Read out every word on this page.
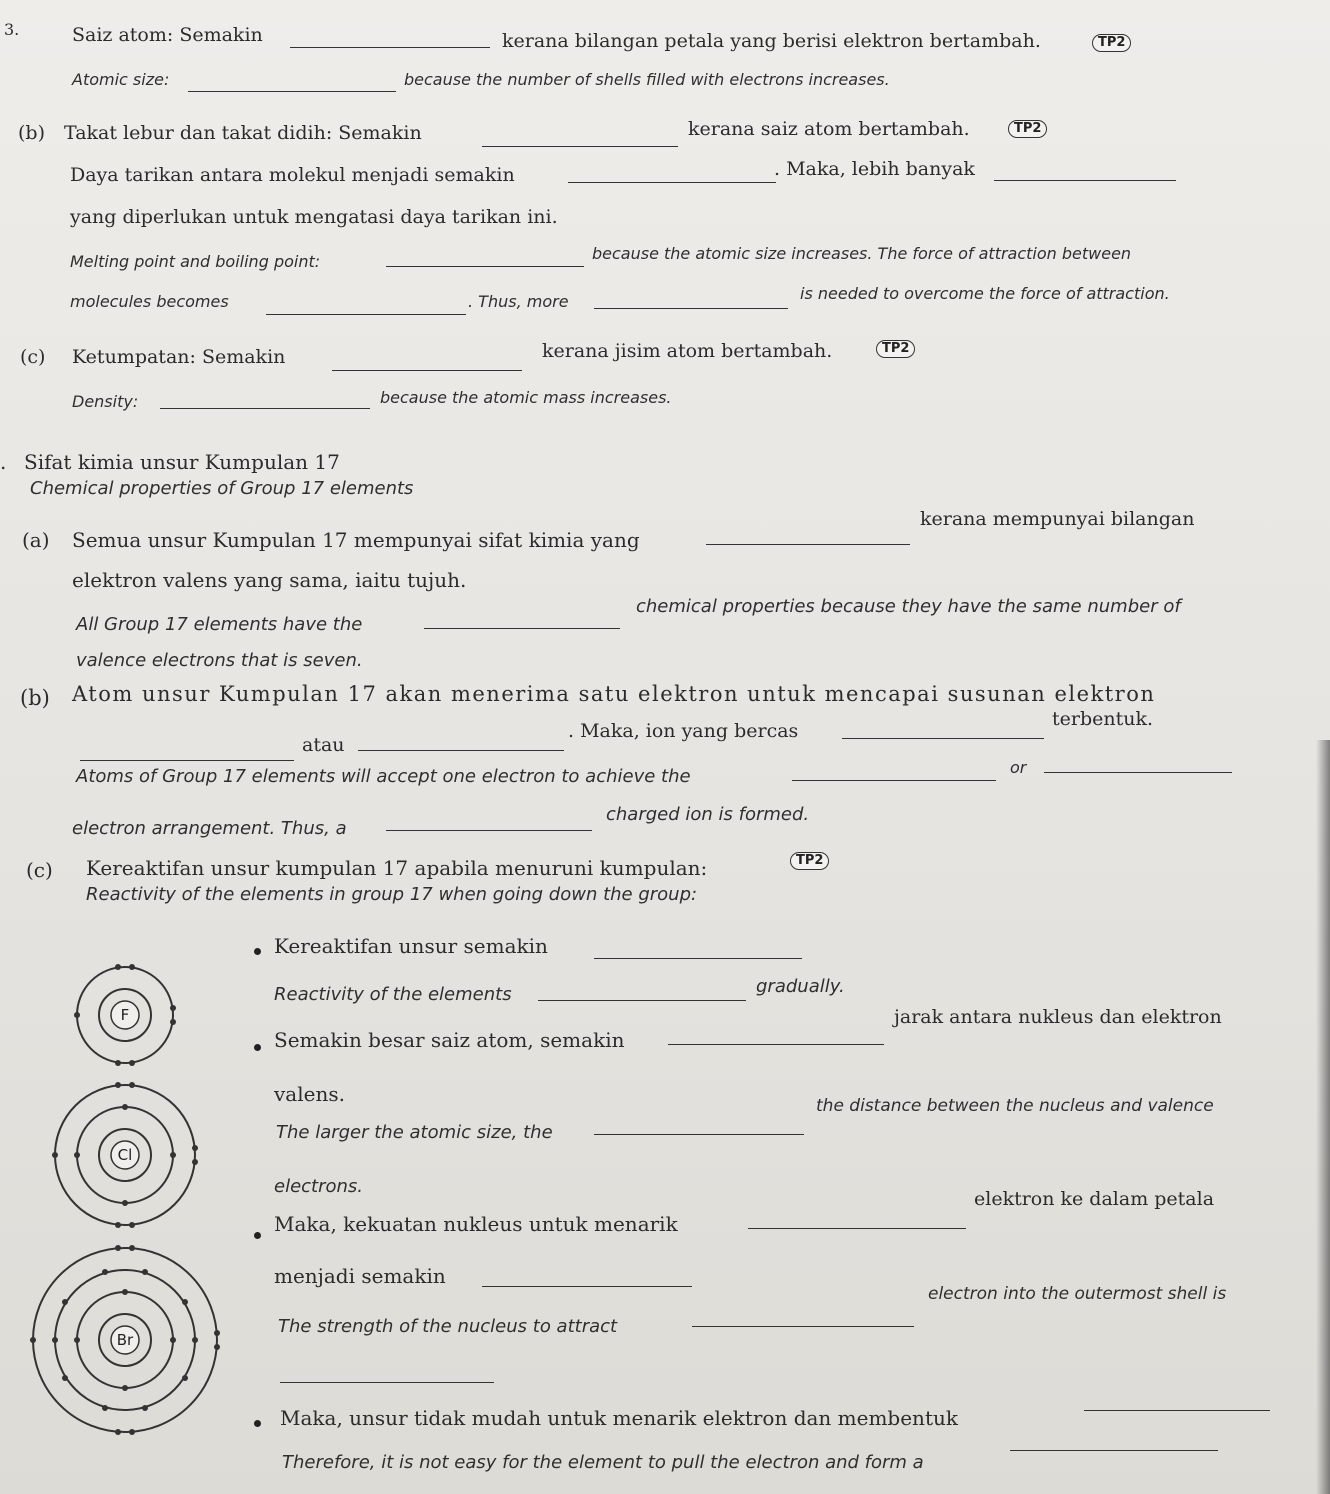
3.	Saiz atom: Semakin	kerana bilangan petala yang berisi elektron bertambah.	TP2
Atomic size:	because the number of shells filled with electrons increases.
(b) Takat lebur dan takat didih: Semakin	kerana saiz atom bertambah.	TP2
Daya tarikan antara molekul menjadi semakin	. Maka, lebih banyak
yang diperlukan untuk mengatasi daya tarikan ini.
Melting point and boiling point:	because the atomic size increases. The force of attraction between
molecules becomes	. Thus, more	is needed to overcome the force of attraction.
(c) Ketumpatan: Semakin	kerana jisim atom bertambah.	TP2
Density:	because the atomic mass increases.
. Sifat kimia unsur Kumpulan 17
Chemical properties of Group 17 elements
kerana mempunyai bilangan
(a) Semua unsur Kumpulan 17 mempunyai sifat kimia yang
elektron valens yang sama, iaitu tujuh.
All Group 17 elements have the
chemical properties because they have the same number of
valence electrons that is seven.
(b) Atom unsur Kumpulan 17 akan menerima satu elektron untuk mencapai susunan elektron
terbentuk.
atau
. Maka, ion yang bercas
Atoms of Group 17 elements will accept one electron to achieve the	or
electron arrangement. Thus, a
charged ion is formed.
(c) Kereaktifan unsur kumpulan 17 apabila menuruni kumpulan:	TP2
Reactivity of the elements in group 17 when going down the group:
Kereaktifan unsur semakin
Reactivity of the elements	gradually.
Semakin besar saiz atom, semakin
jarak antara nukleus dan elektron
valens.
The larger the atomic size, the
the distance between the nucleus and valence
electrons.
Maka, kekuatan nukleus untuk menarik
elektron ke dalam petala
menjadi semakin
The strength of the nucleus to attract
electron into the outermost shell is
Maka, unsur tidak mudah untuk menarik elektron dan membentuk
Therefore, it is not easy for the element to pull the electron and form a
F
Cl
Br
